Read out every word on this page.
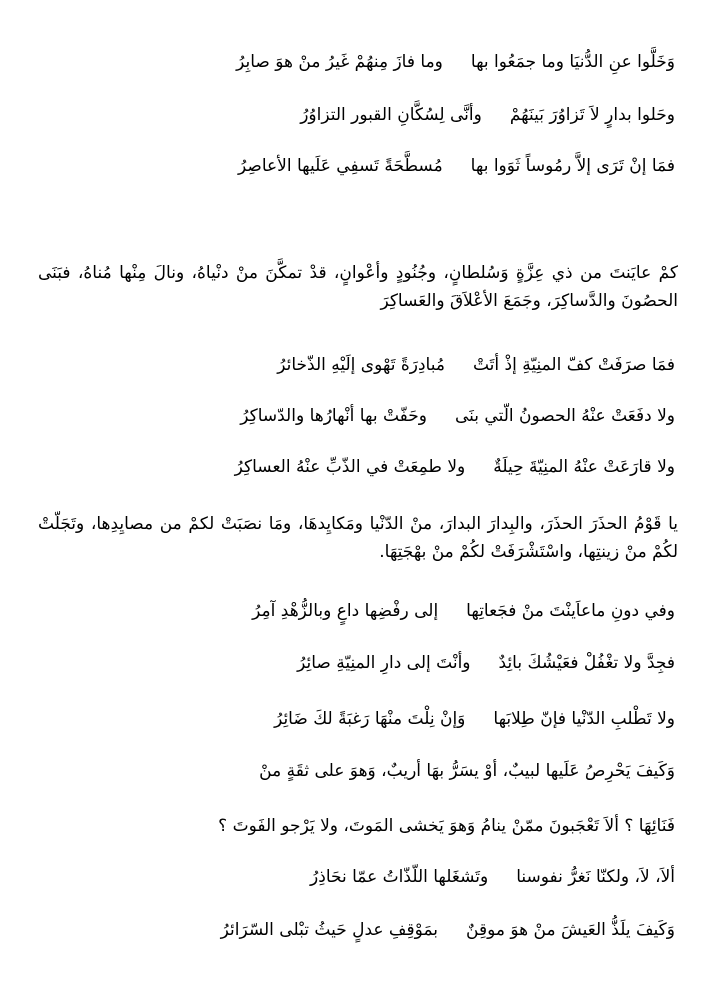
وَخَلَّوا عنِ الدُّنيَا وما جمَعُوا بها
وما فازَ مِنهُمْ غَيرُ منْ هوَ صابِرُ
وحَلوا بدارٍ لاَ تَزاوُرَ بَينَهُمْ
وأنَّى لِسُكَّانِ القبور التزاوُرُ
فمَا إنْ تَرَى إلاَّ رمُوساً ثَوَوا بها
مُسطَّحَةً تَسفِي عَلَيها الأعاصِرُ
كمْ عايَنتَ من ذي عِزَّةٍ وَسُلطانٍ، وجُنُودٍ وأعْوانٍ، قدْ تمكَّنَ منْ دنْياهُ، ونالَ مِنْها مُناهُ، فبَنَى الحصُونَ والدَّساكِرَ، وجَمَعَ الأعْلاَقَ والعَساكِرَ
فمَا صرَفَتْ كفّ المنِيّةِ إذْ أتَتْ
مُبادِرَةً تَهْوى إلَيْهِ الذّخائرُ
ولا دفَعَتْ عنْهُ الحصونُ الّتي بنَى
وحَفّتْ بها أنْهارُها والدّساكِرُ
ولا قارَعَتْ عنْهُ المنِيّةَ حِيلَةٌ
ولا طمِعَتْ في الذّبِّ عنْهُ العساكِرُ
يا قَوْمُ الحذَرَ الحذَرَ، والبِدارَ البدارَ، منْ الدّنْيا ومَكايِدهَا، ومَا نصَبَتْ لكمْ من مصايِدِها، وتَجَلّتْ لكُمْ منْ زينتِها، واسْتَشْرَفَتْ لكُمْ منْ بهْجَتِهَا.
وفي دونِ ماعاَينْتَ منْ فجَعاتِها
إلى رفْضِها داعٍ وبالزُّهْدِ آمِرُ
فجِدَّ ولا تغْفُلْ فعَيْشُكَ بائِدٌ
وأنْتَ إلى دارِ المنِيّةِ صائِرُ
ولا تَطْلبِ الدّنْيا فإنّ طِلابَها
وَإنْ نِلْتَ منْهَا رَغبَةً لكَ ضَائِرُ
وَكَيفَ يَحْرِصُ عَلَيها لبيبٌ، أوْ يسَرُّ بهَا أريبٌ، وَهوَ على ثقَةٍ منْ
فَنَائِهَا ؟ ألاَ تَعْجَبونَ ممّنْ ينامُ وَهوَ يَخشى المَوتَ، ولا يَرْجو الفَوتَ ؟
ألاَ، لاَ، ولكنّا نَغرُّ نفوسنا
وتَشغَلها اللّذّاتُ عمّا نحَاذِرُ
وَكَيفَ يلَذُّ العَيشَ منْ هوَ موقِنٌ
بمَوْقِفِ عدلٍ حَيثُ تبْلى السّرَائرُ
